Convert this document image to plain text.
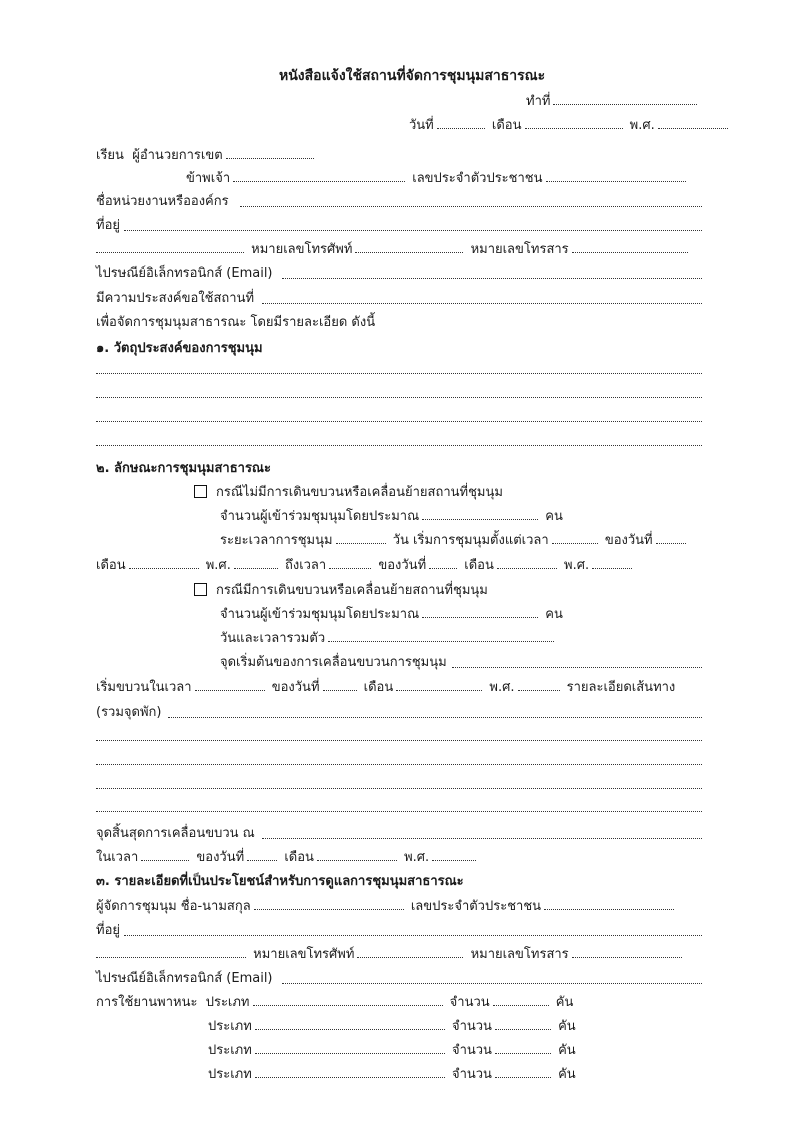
หนังสือแจ้งใช้สถานที่จัดการชุมนุมสาธารณะ
ทำที่
วันที่	เดือน	พ.ศ.
เรียน ผู้อำนวยการเขต
ข้าพเจ้า	เลขประจำตัวประชาชน
ชื่อหน่วยงานหรือองค์กร
ที่อยู่
หมายเลขโทรศัพท์	หมายเลขโทรสาร
ไปรษณีย์อิเล็กทรอนิกส์ (Email)
มีความประสงค์ขอใช้สถานที่
เพื่อจัดการชุมนุมสาธารณะ โดยมีรายละเอียด ดังนี้
๑. วัตถุประสงค์ของการชุมนุม
๒. ลักษณะการชุมนุมสาธารณะ
กรณีไม่มีการเดินขบวนหรือเคลื่อนย้ายสถานที่ชุมนุม
จำนวนผู้เข้าร่วมชุมนุมโดยประมาณ	คน
ระยะเวลาการชุมนุม	วัน เริ่มการชุมนุมตั้งแต่เวลา	ของวันที่
เดือน	พ.ศ.	ถึงเวลา	ของวันที่	เดือน	พ.ศ.
กรณีมีการเดินขบวนหรือเคลื่อนย้ายสถานที่ชุมนุม
จำนวนผู้เข้าร่วมชุมนุมโดยประมาณ	คน
วันและเวลารวมตัว
จุดเริ่มต้นของการเคลื่อนขบวนการชุมนุม
เริ่มขบวนในเวลา	ของวันที่	เดือน	พ.ศ.	รายละเอียดเส้นทาง
(รวมจุดพัก)
จุดสิ้นสุดการเคลื่อนขบวน ณ
ในเวลา	ของวันที่	เดือน	พ.ศ.
๓. รายละเอียดที่เป็นประโยชน์สำหรับการดูแลการชุมนุมสาธารณะ
ผู้จัดการชุมนุม ชื่อ-นามสกุล	เลขประจำตัวประชาชน
ที่อยู่
หมายเลขโทรศัพท์	หมายเลขโทรสาร
ไปรษณีย์อิเล็กทรอนิกส์ (Email)
การใช้ยานพาหนะ ประเภท	จำนวน	คัน
ประเภท	จำนวน	คัน
ประเภท	จำนวน	คัน
ประเภท	จำนวน	คัน
